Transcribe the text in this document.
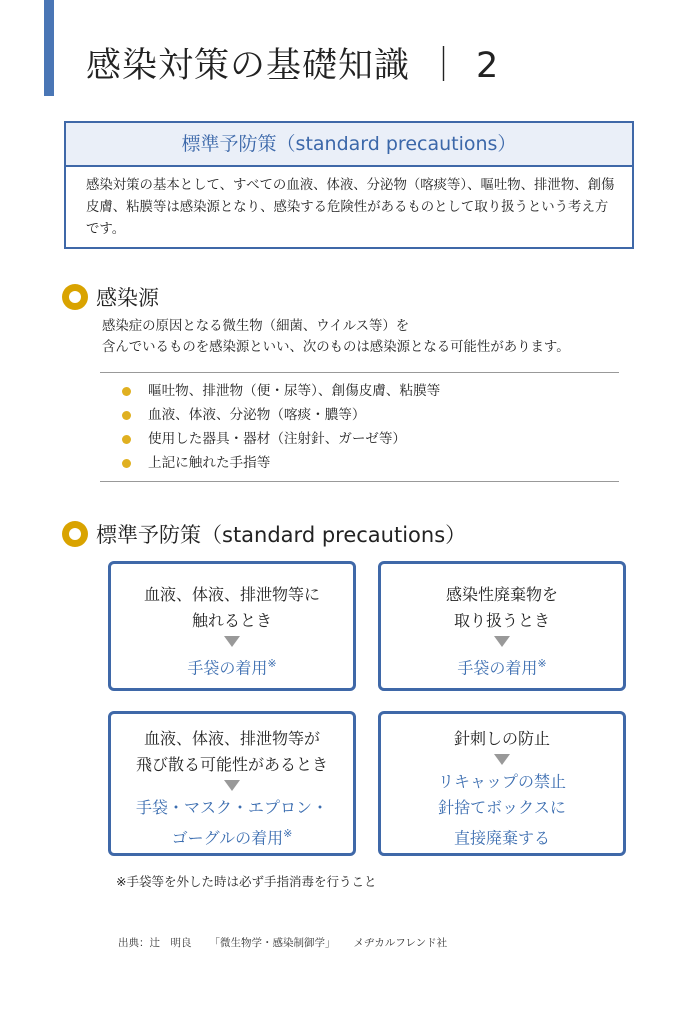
感染対策の基礎知識 ｜ 2
標準予防策（standard precautions）
感染対策の基本として、すべての血液、体液、分泌物（喀痰等）、嘔吐物、排泄物、創傷皮膚、粘膜等は感染源となり、感染する危険性があるものとして取り扱うという考え方です。
感染源
感染症の原因となる微生物（細菌、ウイルス等）を
含んでいるものを感染源といい、次のものは感染源となる可能性があります。
嘔吐物、排泄物（便・尿等）、創傷皮膚、粘膜等
血液、体液、分泌物（喀痰・膿等）
使用した器具・器材（注射針、ガーゼ等）
上記に触れた手指等
標準予防策（standard precautions）
血液、体液、排泄物等に
触れるとき
手袋の着用※
感染性廃棄物を
取り扱うとき
手袋の着用※
血液、体液、排泄物等が
飛び散る可能性があるとき
手袋・マスク・エプロン・
ゴーグルの着用※
針刺しの防止
リキャップの禁止
針捨てボックスに
直接廃棄する
※手袋等を外した時は必ず手指消毒を行うこと
出典：辻　明良 「微生物学・感染制御学」 メヂカルフレンド社
